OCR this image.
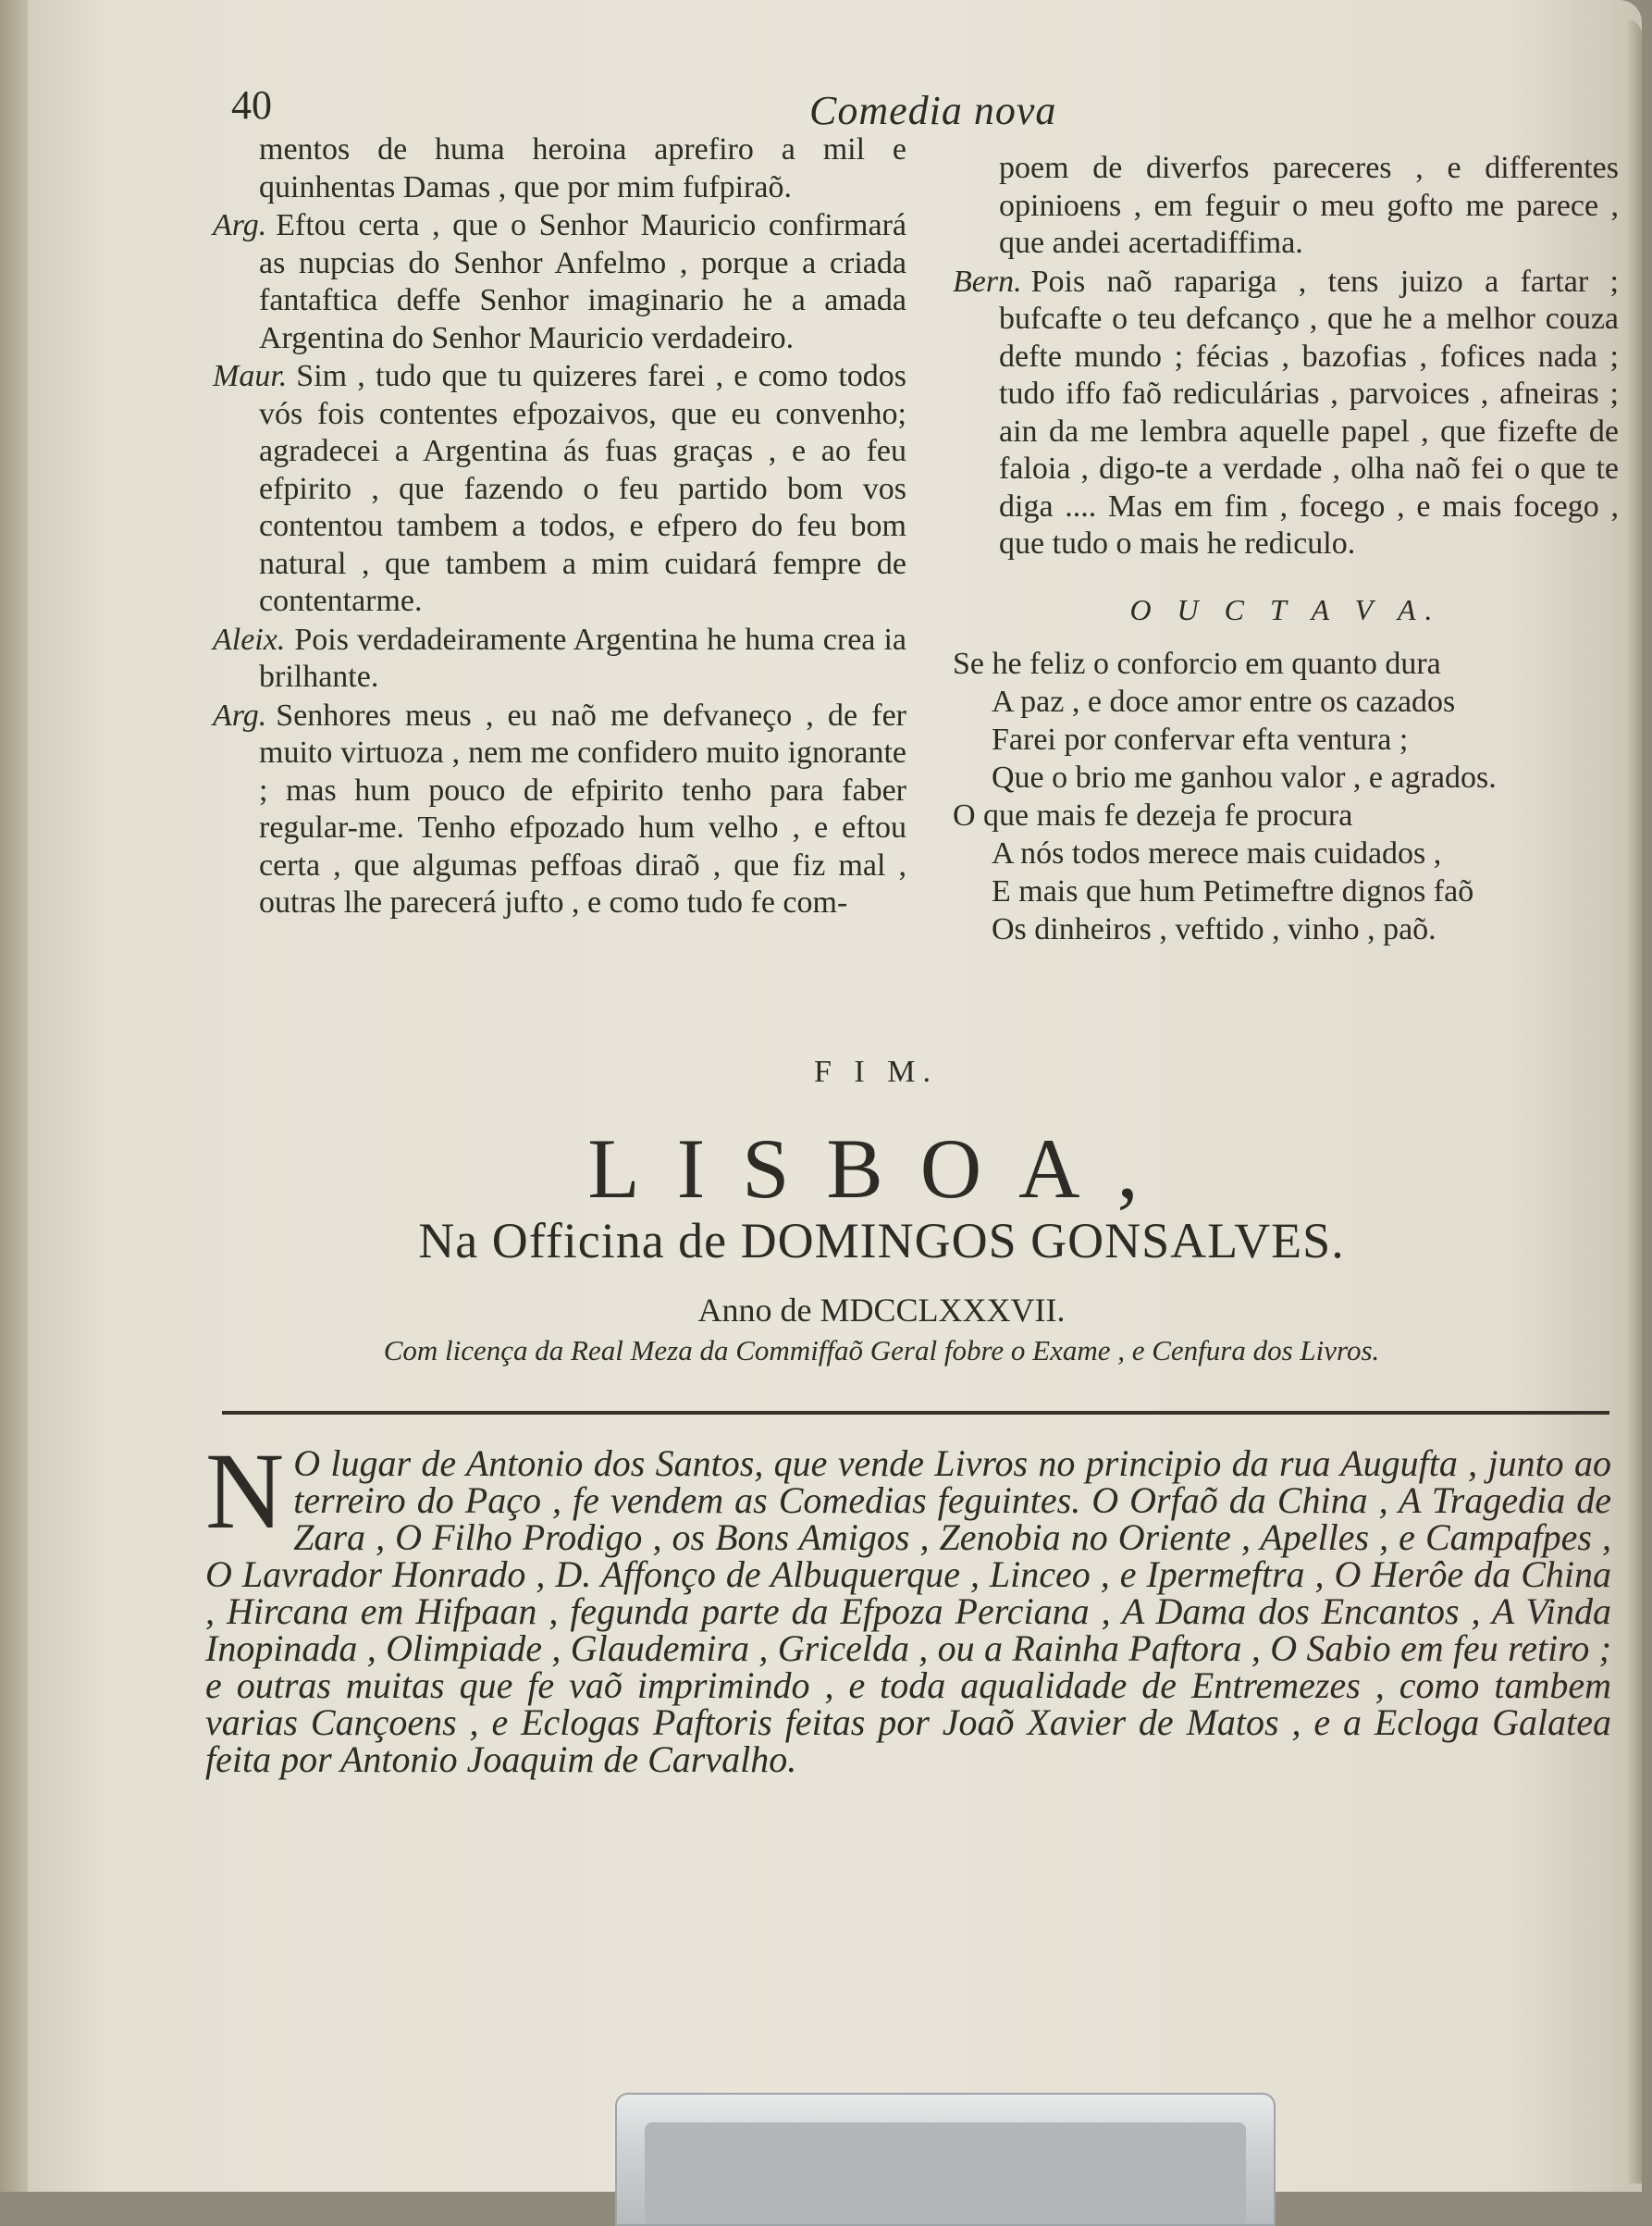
40	Comedia nova

mentos de huma heroina aprefiro a mil e quinhentas Damas , que por mim fufpiraõ.

Arg. Eftou certa , que o Senhor Mauricio confirmará as nupcias do Senhor Anfelmo , porque a criada fantaftica deffe Senhor imaginario he a amada Argentina do Senhor Mauricio verdadeiro.

Maur. Sim , tudo que tu quizeres farei , e como todos vós fois contentes efpozaivos, que eu convenho; agradecei a Argentina ás fuas graças , e ao feu efpirito , que fazendo o feu partido bom vos contentou tambem a todos, e efpero do feu bom natural , que tambem a mim cuidará fempre de contentarme.

Aleix. Pois verdadeiramente Argentina he huma crea ia brilhante.

Arg. Senhores meus , eu naõ me defvaneço , de fer muito virtuoza , nem me confidero muito ignorante ; mas hum pouco de efpirito tenho para faber regular-me. Tenho efpozado hum velho , e eftou certa , que algumas peffoas diraõ , que fiz mal , outras lhe parecerá jufto , e como tudo fe com-

poem de diverfos pareceres , e differentes opinioens , em feguir o meu gofto me parece , que andei acertadiffima.

Bern. Pois naõ rapariga , tens juizo a fartar ; bufcafte o teu defcanço , que he a melhor couza defte mundo ; fécias , bazofias , fofices nada ; tudo iffo faõ rediculárias , parvoices , afneiras ; ain da me lembra aquelle papel , que fizefte de faloia , digo-te a verdade , olha naõ fei o que te diga .... Mas em fim , focego , e mais focego , que tudo o mais he rediculo.

O U C T A V A.
Se he feliz o conforcio em quanto dura
A paz , e doce amor entre os cazados
Farei por confervar efta ventura ;
Que o brio me ganhou valor , e agrados.
O que mais fe dezeja fe procura
A nós todos merece mais cuidados ,
E mais que hum Petimeftre dignos faõ
Os dinheiros , veftido , vinho , paõ.
F I M.
LISBOA,
Na Officina de DOMINGOS GONSALVES.
Anno de MDCCLXXXVII.
Com licença da Real Meza da Commiffaõ Geral fobre o Exame , e Cenfura dos Livros.
N O lugar de Antonio dos Santos, que vende Livros no principio da rua Augufta , junto ao terreiro do Paço , fe vendem as Comedias feguintes. O Orfaõ da China , A Tragedia de Zara , O Filho Prodigo , os Bons Amigos , Zenobia no Oriente , Apelles , e Campafpes , O Lavrador Honrado , D. Affonço de Albuquerque , Linceo , e Ipermeftra , O Herôe da China , Hircana em Hifpaan , fegunda parte da Efpoza Perciana , A Dama dos Encantos , A Vinda Inopinada , Olimpiade , Glaudemira , Gricelda , ou a Rainha Paftora , O Sabio em feu retiro ; e outras muitas que fe vaõ imprimindo , e toda aqualidade de Entremezes , como tambem varias Cançoens , e Eclogas Paftoris feitas por Joaõ Xavier de Matos , e a Ecloga Galatea feita por Antonio Joaquim de Carvalho.
